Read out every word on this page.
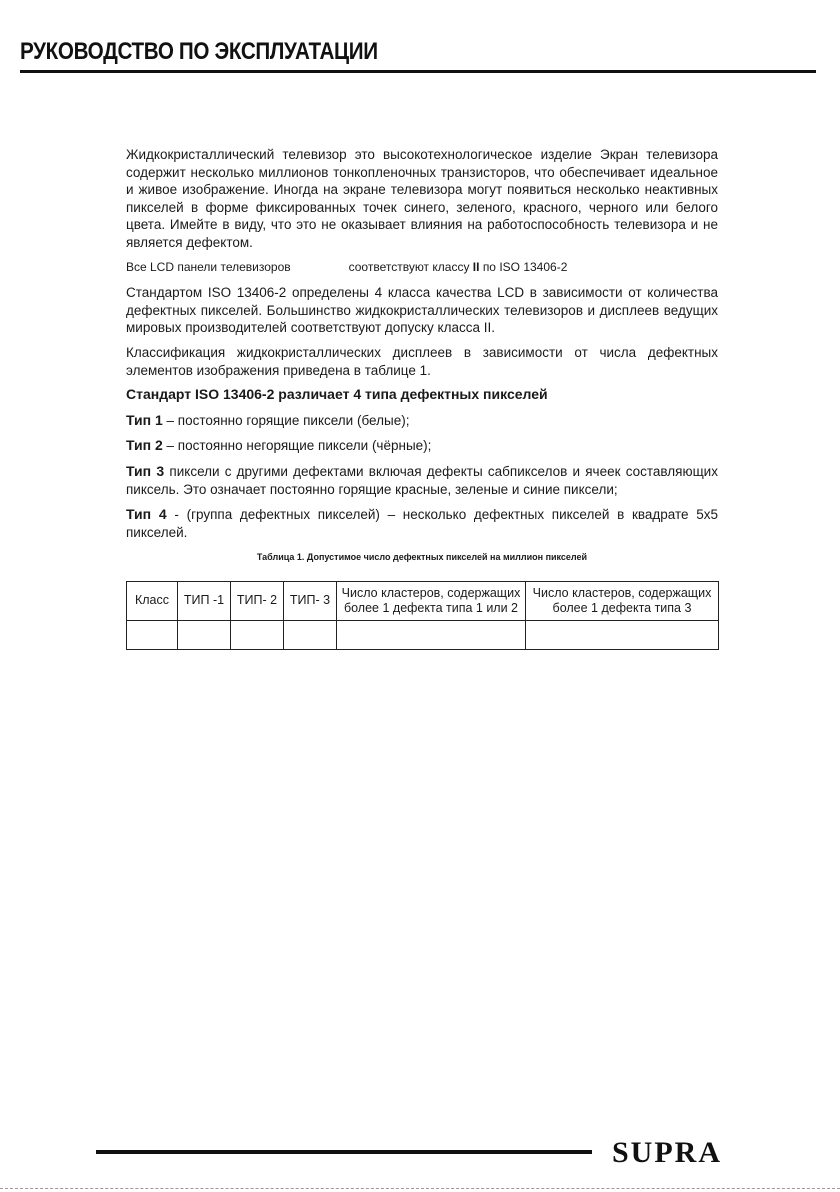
РУКОВОДСТВО ПО ЭКСПЛУАТАЦИИ

Жидкокристаллический телевизор это высокотехнологическое изделие Экран телевизора содержит несколько миллионов тонкопленочных транзисторов, что обеспечивает идеальное и живое изображение. Иногда на экране телевизора могут появиться несколько неактивных пикселей в форме фиксированных точек синего, зеленого, красного, черного или белого цвета. Имейте в виду, что это не оказывает влияния на работоспособность телевизора и не является дефектом.

Все LCD панели телевизоров	соответствуют классу II по ISO 13406-2

Стандартом ISO 13406-2 определены 4 класса качества LCD в зависимости от количества дефектных пикселей. Большинство жидкокристаллических телевизоров и дисплеев ведущих мировых производителей соответствуют допуску класса II.

Классификация жидкокристаллических дисплеев в зависимости от числа дефектных элементов изображения приведена в таблице 1.

Стандарт ISO 13406-2 различает 4 типа дефектных пикселей

Тип 1 – постоянно горящие пиксели (белые);

Тип 2 – постоянно негорящие пиксели (чёрные);

Тип 3 пиксели с другими дефектами включая дефекты сабпикселов и ячеек составляющих пиксель. Это означает постоянно горящие красные, зеленые и синие пиксели;

Тип 4 - (группа дефектных пикселей) – несколько дефектных пикселей в квадрате 5х5 пикселей.

Таблица 1. Допустимое число дефектных пикселей на миллион пикселей

Класс	ТИП -1	ТИП- 2	ТИП- 3	Число кластеров, содержащих более 1 дефекта типа 1 или 2	Число кластеров, содержащих более 1 дефекта типа 3

SUPRA
